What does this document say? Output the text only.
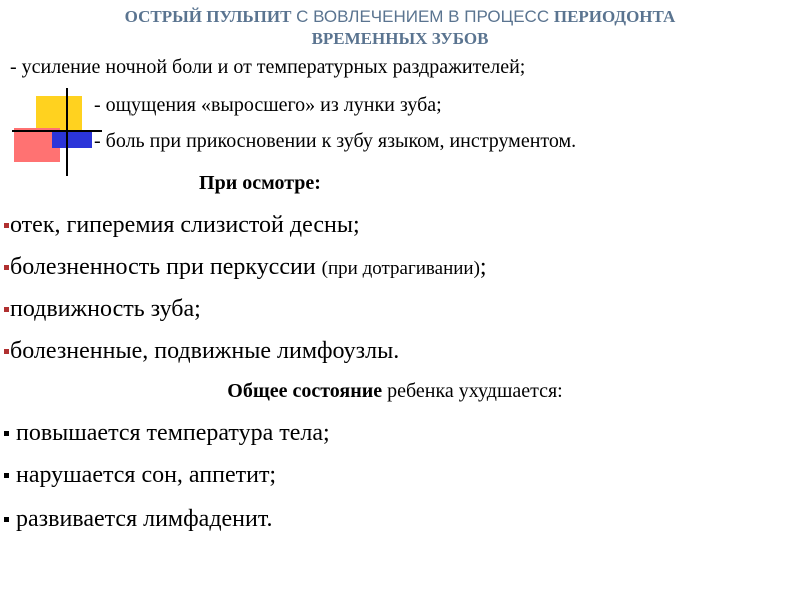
ОСТРЫЙ ПУЛЬПИТ С ВОВЛЕЧЕНИЕМ В ПРОЦЕСС ПЕРИОДОНТА
ВРЕМЕННЫХ ЗУБОВ
- усиление ночной боли и от температурных раздражителей;
- ощущения «выросшего» из лунки зуба;
- боль при прикосновении к зубу языком, инструментом.
При осмотре:
отек, гиперемия слизистой десны;
болезненность при перкуссии (при дотрагивании);
подвижность зуба;
болезненные, подвижные лимфоузлы.
Общее состояние ребенка ухудшается:
повышается температура тела;
нарушается сон, аппетит;
развивается лимфаденит.
